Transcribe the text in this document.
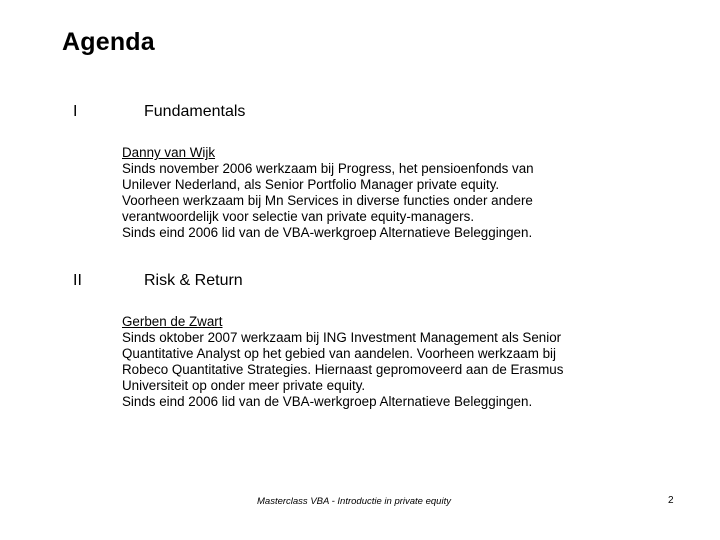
Agenda
I	Fundamentals
Danny van Wijk
Sinds november 2006 werkzaam bij Progress, het pensioenfonds van
Unilever Nederland, als Senior Portfolio Manager private equity.
Voorheen werkzaam bij Mn Services in diverse functies onder andere
verantwoordelijk voor selectie van private equity-managers.
Sinds eind 2006 lid van de VBA-werkgroep Alternatieve Beleggingen.
II	Risk & Return
Gerben de Zwart
Sinds oktober 2007 werkzaam bij ING Investment Management als Senior
Quantitative Analyst op het gebied van aandelen. Voorheen werkzaam bij
Robeco Quantitative Strategies. Hiernaast gepromoveerd aan de Erasmus
Universiteit op onder meer private equity.
Sinds eind 2006 lid van de VBA-werkgroep Alternatieve Beleggingen.
Masterclass VBA - Introductie in private equity	2
